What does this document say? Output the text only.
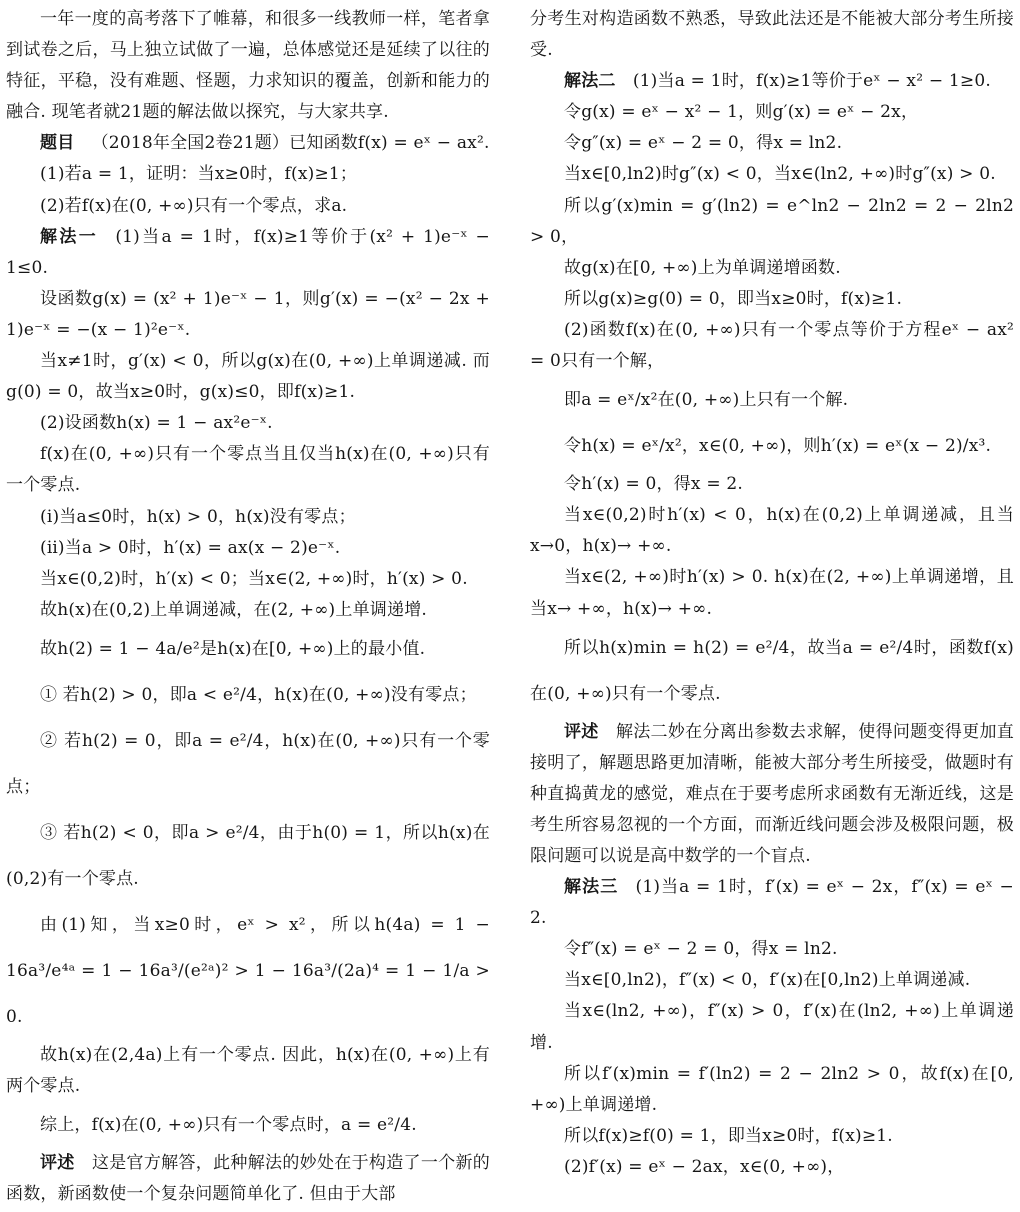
一年一度的高考落下了帷幕，和很多一线教师一样，笔者拿到试卷之后，马上独立试做了一遍，总体感觉还是延续了以往的特征，平稳，没有难题、怪题，力求知识的覆盖，创新和能力的融合. 现笔者就21题的解法做以探究，与大家共享.

题目  （2018年全国2卷21题）已知函数f(x) = eˣ − ax².

(1)若a = 1，证明：当x≥0时，f(x)≥1；

(2)若f(x)在(0, +∞)只有一个零点，求a.

解法一  (1)当a = 1时，f(x)≥1等价于(x² + 1)e⁻ˣ − 1≤0.

设函数g(x) = (x² + 1)e⁻ˣ − 1，则g′(x) = −(x² − 2x + 1)e⁻ˣ = −(x − 1)²e⁻ˣ.

当x≠1时，g′(x) < 0，所以g(x)在(0, +∞)上单调递减. 而g(0) = 0，故当x≥0时，g(x)≤0，即f(x)≥1.

(2)设函数h(x) = 1 − ax²e⁻ˣ.

f(x)在(0, +∞)只有一个零点当且仅当h(x)在(0, +∞)只有一个零点.

(ⅰ)当a≤0时，h(x) > 0，h(x)没有零点；

(ⅱ)当a > 0时，h′(x) = ax(x − 2)e⁻ˣ.

当x∈(0,2)时，h′(x) < 0；当x∈(2, +∞)时，h′(x) > 0.

故h(x)在(0,2)上单调递减，在(2, +∞)上单调递增.

故h(2) = 1 − 4a/e²是h(x)在[0, +∞)上的最小值.

① 若h(2) > 0，即a < e²/4，h(x)在(0, +∞)没有零点；

② 若h(2) = 0，即a = e²/4，h(x)在(0, +∞)只有一个零点；

③ 若h(2) < 0，即a > e²/4，由于h(0) = 1，所以h(x)在(0,2)有一个零点.

由(1)知，当x≥0时，eˣ > x²，所以h(4a) = 1 − 16a³/e⁴ᵃ = 1 − 16a³/(e²ᵃ)² > 1 − 16a³/(2a)⁴ = 1 − 1/a > 0.

故h(x)在(2,4a)上有一个零点. 因此，h(x)在(0, +∞)上有两个零点.

综上，f(x)在(0, +∞)只有一个零点时，a = e²/4.

评述  这是官方解答，此种解法的妙处在于构造了一个新的函数，新函数使一个复杂问题简单化了. 但由于大部

分考生对构造函数不熟悉，导致此法还是不能被大部分考生所接受.

解法二  (1)当a = 1时，f(x)≥1等价于eˣ − x² − 1≥0.

令g(x) = eˣ − x² − 1，则g′(x) = eˣ − 2x，

令g″(x) = eˣ − 2 = 0，得x = ln2.

当x∈[0,ln2)时g″(x) < 0，当x∈(ln2, +∞)时g″(x) > 0.

所以g′(x)min = g′(ln2) = e^ln2 − 2ln2 = 2 − 2ln2 > 0，

故g(x)在[0, +∞)上为单调递增函数.

所以g(x)≥g(0) = 0，即当x≥0时，f(x)≥1.

(2)函数f(x)在(0, +∞)只有一个零点等价于方程eˣ − ax² = 0只有一个解，

即a = eˣ/x²在(0, +∞)上只有一个解.

令h(x) = eˣ/x²，x∈(0, +∞)，则h′(x) = eˣ(x − 2)/x³.

令h′(x) = 0，得x = 2.

当x∈(0,2)时h′(x) < 0，h(x)在(0,2)上单调递减，且当x→0，h(x)→ +∞.

当x∈(2, +∞)时h′(x) > 0. h(x)在(2, +∞)上单调递增，且当x→ +∞，h(x)→ +∞.

所以h(x)min = h(2) = e²/4，故当a = e²/4时，函数f(x)在(0, +∞)只有一个零点.

评述  解法二妙在分离出参数去求解，使得问题变得更加直接明了，解题思路更加清晰，能被大部分考生所接受，做题时有种直捣黄龙的感觉，难点在于要考虑所求函数有无渐近线，这是考生所容易忽视的一个方面，而渐近线问题会涉及极限问题，极限问题可以说是高中数学的一个盲点.

解法三  (1)当a = 1时，f′(x) = eˣ − 2x，f″(x) = eˣ − 2.

令f″(x) = eˣ − 2 = 0，得x = ln2.

当x∈[0,ln2)，f″(x) < 0，f′(x)在[0,ln2)上单调递减.

当x∈(ln2, +∞)，f″(x) > 0，f′(x)在(ln2, +∞)上单调递增.

所以f′(x)min = f′(ln2) = 2 − 2ln2 > 0，故f(x)在[0, +∞)上单调递增.

所以f(x)≥f(0) = 1，即当x≥0时，f(x)≥1.

(2)f′(x) = eˣ − 2ax，x∈(0, +∞)，
